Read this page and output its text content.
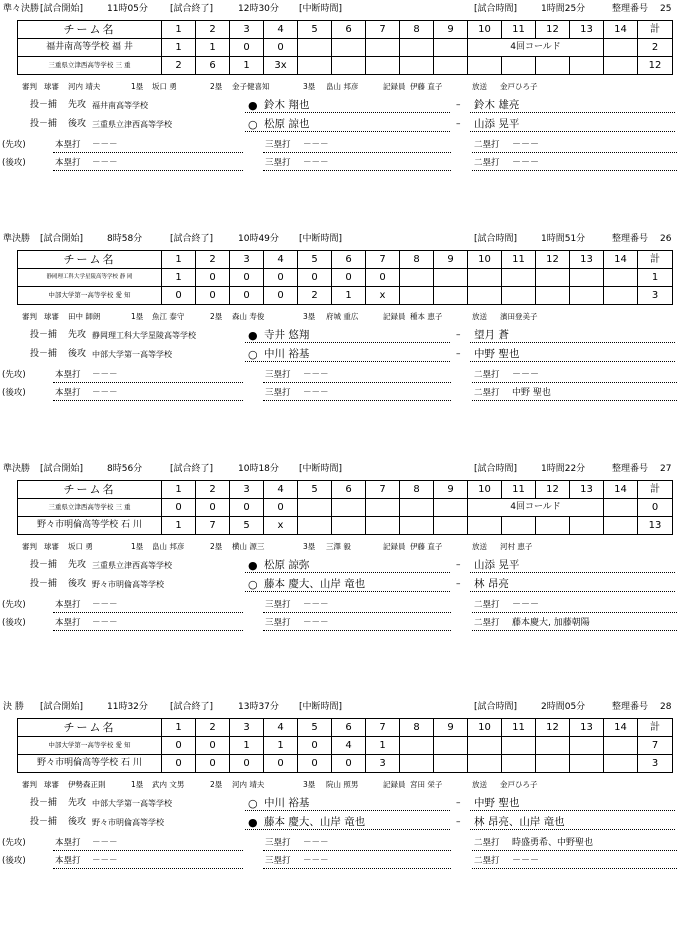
準々決勝 [試合開始]	11時05分 [試合終了]	12時30分 [中断時間]	[試合時間]	1時間25分	整理番号 25
チーム名	1	2	3	4	5	6	7	8	9	10	11	12	13	14	計
福井南高等学校 福 井	1	1	0	0						4回コールド					2
三重県立津西高等学校 三 重	2	6	1	3x											12
審判 球審 河内 靖夫	1塁 坂口 勇	2塁 金子健喜知	3塁 畠山 邦彦	記録員 伊藤 直子	放送 金戸ひろ子
投－捕 先攻 福井南高等学校	● 鈴木 翔也	– 鈴木 雄亮
投－捕 後攻 三重県立津西高等学校	○ 松原 諒也	– 山添 晃平
(先攻)	本塁打 －－－	三塁打 －－－	二塁打 －－－
(後攻)	本塁打 －－－	三塁打 －－－	二塁打 －－－
準決勝 [試合開始]	8時58分	[試合終了]	10時49分 [中断時間]	[試合時間]	1時間51分	整理番号 26
チーム名	1	2	3	4	5	6	7	8	9	10	11	12	13	14	計
静岡理工科大学星陵高等学校 静 岡	1	0	0	0	0	0	0								1
中部大学第一高等学校 愛 知	0	0	0	0	2	1	x								3
審判 球審 田中 師朗	1塁 魚江 泰守	2塁 森山 寿俊	3塁 府城 重広	記録員 種本 恵子	放送 濱田登美子
投－捕 先攻 静岡理工科大学星陵高等学校	● 寺井 悠翔	– 望月 蒼
投－捕 後攻 中部大学第一高等学校	○ 中川 裕基	– 中野 聖也
(先攻)	本塁打 －－－	三塁打 －－－	二塁打 －－－
(後攻)	本塁打 －－－	三塁打 －－－	二塁打 中野 聖也
準決勝 [試合開始]	8時56分	[試合終了]	10時18分 [中断時間]	[試合時間]	1時間22分	整理番号 27
チーム名	1	2	3	4	5	6	7	8	9	10	11	12	13	14	計
三重県立津西高等学校 三 重	0	0	0	0						4回コールド					0
野々市明倫高等学校 石 川	1	7	5	x											13
審判 球審 坂口 勇	1塁 畠山 邦彦	2塁 横山 源三	3塁 三澤 毅	記録員 伊藤 直子	放送 河村 恵子
投－捕 先攻 三重県立津西高等学校	● 松原 諒弥	– 山添 晃平
投－捕 後攻 野々市明倫高等学校	○ 藤本 慶大、山岸 竜也	– 林 昂亮
(先攻)	本塁打 －－－	三塁打 －－－	二塁打 －－－
(後攻)	本塁打 －－－	三塁打 －－－	二塁打 藤本慶大, 加藤朝陽
決 勝 [試合開始]	11時32分 [試合終了]	13時37分 [中断時間]	[試合時間]	2時間05分	整理番号 28
チーム名	1	2	3	4	5	6	7	8	9	10	11	12	13	14	計
中部大学第一高等学校 愛 知	0	0	1	1	0	4	1								7
野々市明倫高等学校 石 川	0	0	0	0	0	0	3								3
審判 球審 伊勢森正則	1塁 武内 文男	2塁 河内 靖夫	3塁 院山 照男	記録員 宮田 栄子	放送 金戸ひろ子
投－捕 先攻 中部大学第一高等学校	○ 中川 裕基	– 中野 聖也
投－捕 後攻 野々市明倫高等学校	● 藤本 慶大、山岸 竜也	– 林 昂亮、山岸 竜也
(先攻)	本塁打 －－－	三塁打 －－－	二塁打 時盛勇希、中野聖也
(後攻)	本塁打 －－－	三塁打 －－－	二塁打 －－－
